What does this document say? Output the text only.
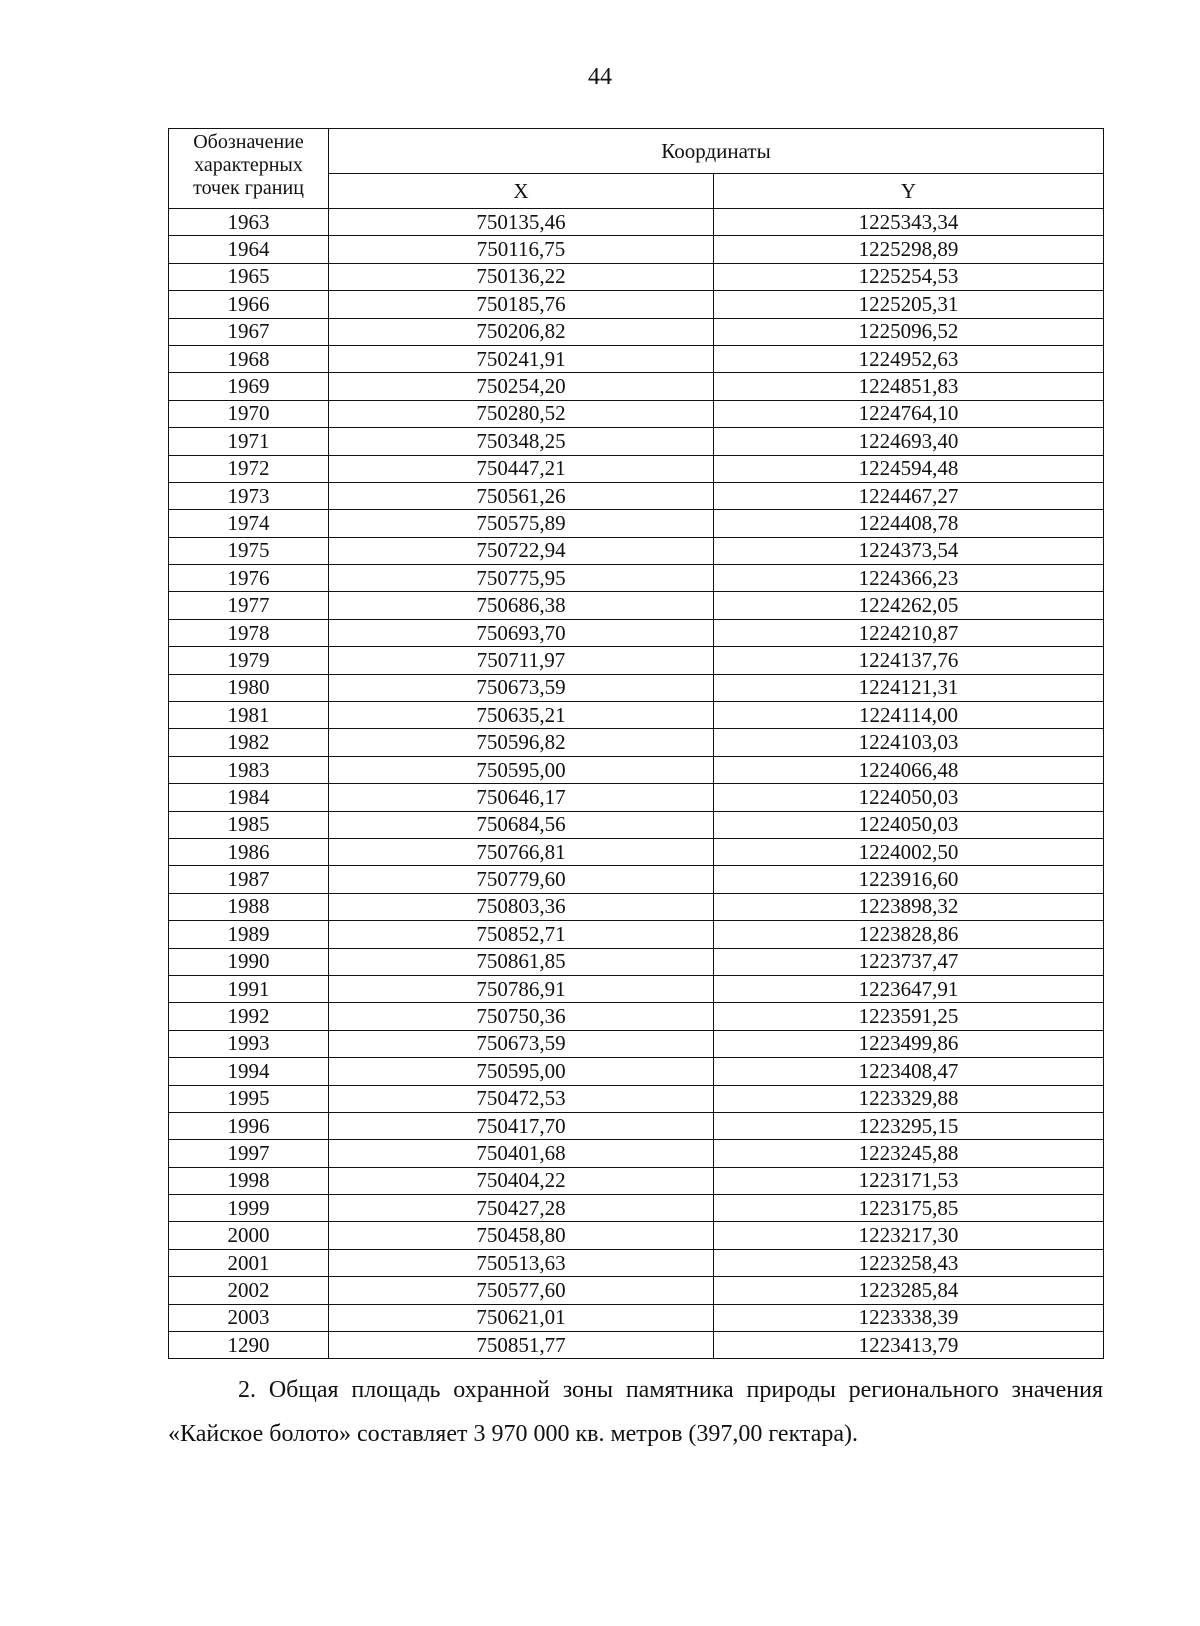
44
Обозначение характерных точек границ	Координаты	
	X	Y
1963	750135,46	1225343,34
1964	750116,75	1225298,89
1965	750136,22	1225254,53
1966	750185,76	1225205,31
1967	750206,82	1225096,52
1968	750241,91	1224952,63
1969	750254,20	1224851,83
1970	750280,52	1224764,10
1971	750348,25	1224693,40
1972	750447,21	1224594,48
1973	750561,26	1224467,27
1974	750575,89	1224408,78
1975	750722,94	1224373,54
1976	750775,95	1224366,23
1977	750686,38	1224262,05
1978	750693,70	1224210,87
1979	750711,97	1224137,76
1980	750673,59	1224121,31
1981	750635,21	1224114,00
1982	750596,82	1224103,03
1983	750595,00	1224066,48
1984	750646,17	1224050,03
1985	750684,56	1224050,03
1986	750766,81	1224002,50
1987	750779,60	1223916,60
1988	750803,36	1223898,32
1989	750852,71	1223828,86
1990	750861,85	1223737,47
1991	750786,91	1223647,91
1992	750750,36	1223591,25
1993	750673,59	1223499,86
1994	750595,00	1223408,47
1995	750472,53	1223329,88
1996	750417,70	1223295,15
1997	750401,68	1223245,88
1998	750404,22	1223171,53
1999	750427,28	1223175,85
2000	750458,80	1223217,30
2001	750513,63	1223258,43
2002	750577,60	1223285,84
2003	750621,01	1223338,39
1290	750851,77	1223413,79

2. Общая площадь охранной зоны памятника природы регионального значения «Кайское болото» составляет 3 970 000 кв. метров (397,00 гектара).
